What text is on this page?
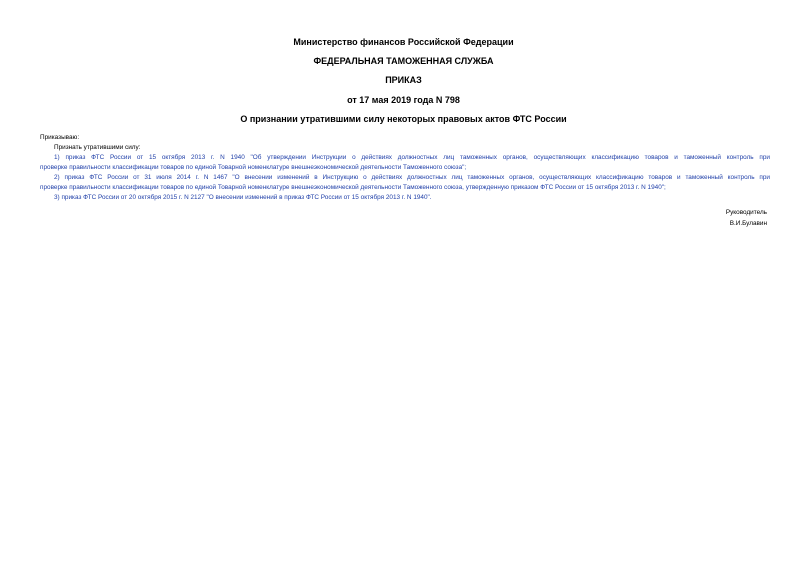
Министерство финансов Российской Федерации
ФЕДЕРАЛЬНАЯ ТАМОЖЕННАЯ СЛУЖБА
ПРИКАЗ
от 17 мая 2019 года N 798
О признании утратившими силу некоторых правовых актов ФТС России
Приказываю:
Признать утратившими силу:
1) приказ ФТС России от 15 октября 2013 г. N 1940 "Об утверждении Инструкции о действиях должностных лиц таможенных органов, осуществляющих классификацию товаров и таможенный контроль при
проверке правильности классификации товаров по единой Товарной номенклатуре внешнеэкономической деятельности Таможенного союза";
2) приказ ФТС России от 31 июля 2014 г. N 1467 "О внесении изменений в Инструкцию о действиях должностных лиц таможенных органов, осуществляющих классификацию товаров и таможенный контроль при
проверке правильности классификации товаров по единой Товарной номенклатуре внешнеэкономической деятельности Таможенного союза, утвержденную приказом ФТС России от 15 октября 2013 г. N 1940";
3) приказ ФТС России от 20 октября 2015 г. N 2127 "О внесении изменений в приказ ФТС России от 15 октября 2013 г. N 1940".
Руководитель
В.И.Булавин
